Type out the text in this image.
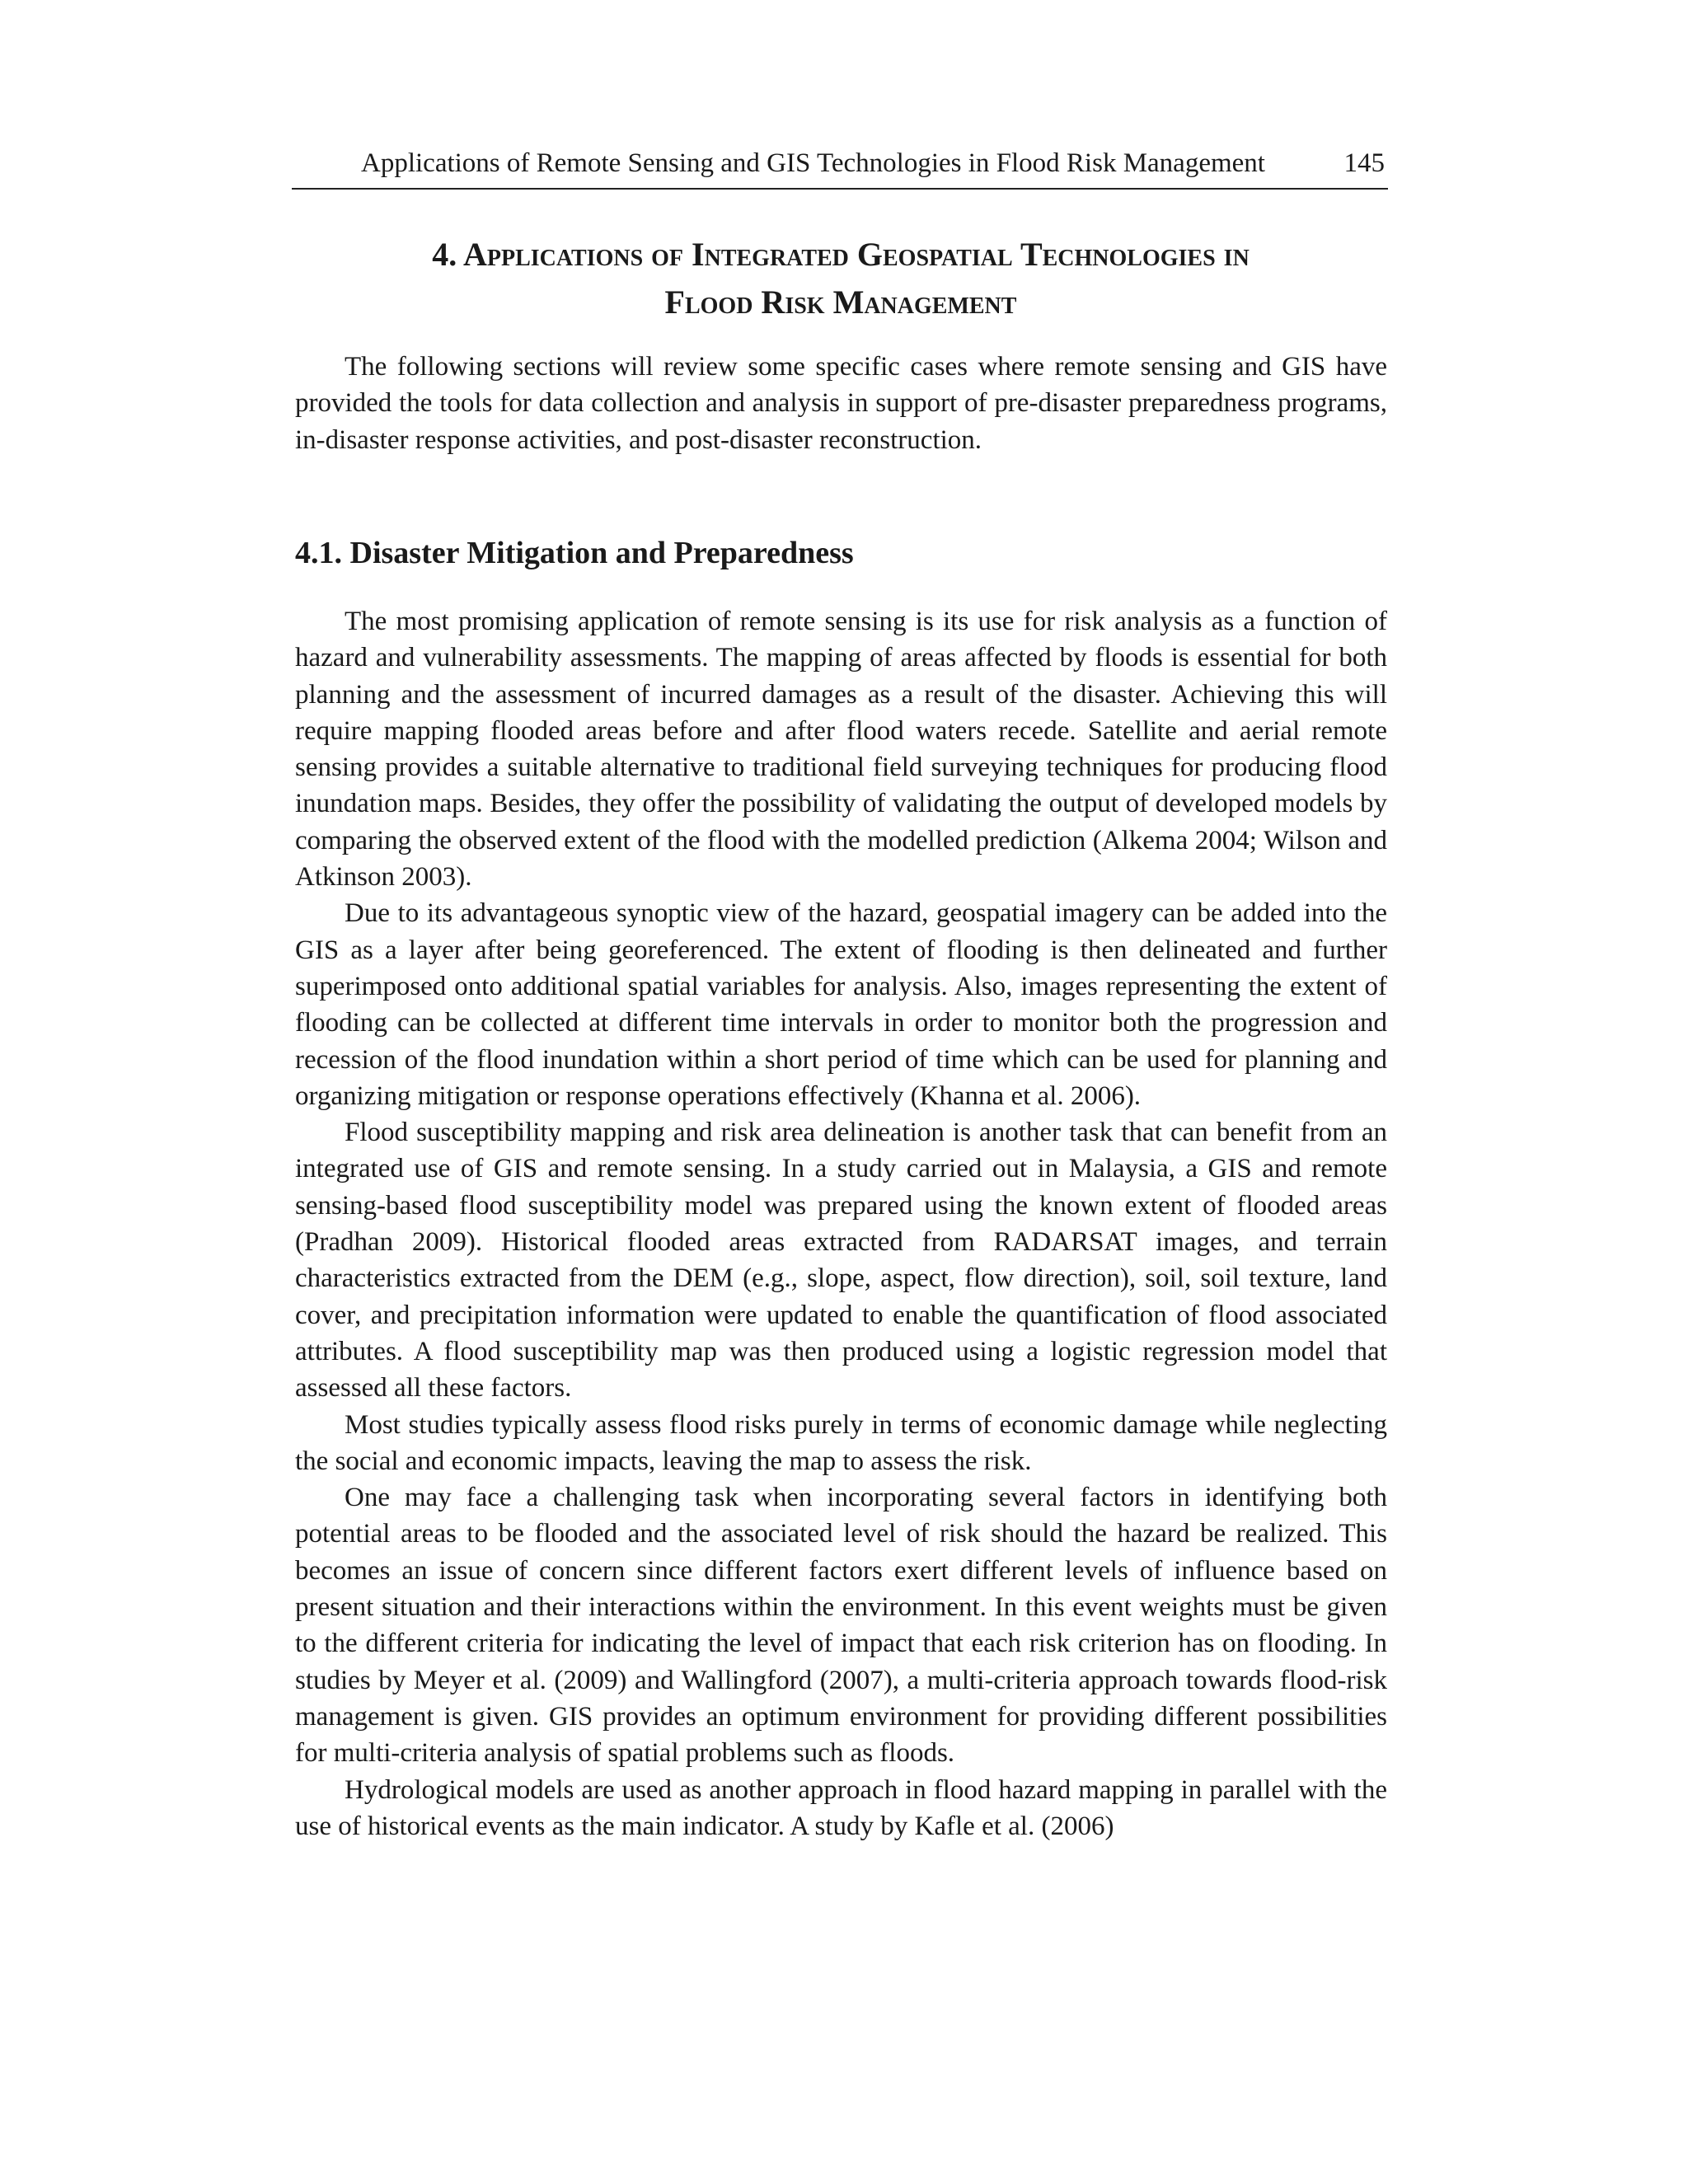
Applications of Remote Sensing and GIS Technologies in Flood Risk Management	145
4. Applications of Integrated Geospatial Technologies in
Flood Risk Management

The following sections will review some specific cases where remote sensing and GIS have provided the tools for data collection and analysis in support of pre-disaster preparedness programs, in-disaster response activities, and post-disaster reconstruction.

4.1. Disaster Mitigation and Preparedness

The most promising application of remote sensing is its use for risk analysis as a function of hazard and vulnerability assessments. The mapping of areas affected by floods is essential for both planning and the assessment of incurred damages as a result of the disaster. Achieving this will require mapping flooded areas before and after flood waters recede. Satellite and aerial remote sensing provides a suitable alternative to traditional field surveying techniques for producing flood inundation maps. Besides, they offer the possibility of validating the output of developed models by comparing the observed extent of the flood with the modelled prediction (Alkema 2004; Wilson and Atkinson 2003).

Due to its advantageous synoptic view of the hazard, geospatial imagery can be added into the GIS as a layer after being georeferenced. The extent of flooding is then delineated and further superimposed onto additional spatial variables for analysis. Also, images representing the extent of flooding can be collected at different time intervals in order to monitor both the progression and recession of the flood inundation within a short period of time which can be used for planning and organizing mitigation or response operations effectively (Khanna et al. 2006).

Flood susceptibility mapping and risk area delineation is another task that can benefit from an integrated use of GIS and remote sensing. In a study carried out in Malaysia, a GIS and remote sensing-based flood susceptibility model was prepared using the known extent of flooded areas (Pradhan 2009). Historical flooded areas extracted from RADARSAT images, and terrain characteristics extracted from the DEM (e.g., slope, aspect, flow direction), soil, soil texture, land cover, and precipitation information were updated to enable the quantification of flood associated attributes. A flood susceptibility map was then produced using a logistic regression model that assessed all these factors.

Most studies typically assess flood risks purely in terms of economic damage while neglecting the social and economic impacts, leaving the map to assess the risk.

One may face a challenging task when incorporating several factors in identifying both potential areas to be flooded and the associated level of risk should the hazard be realized. This becomes an issue of concern since different factors exert different levels of influence based on present situation and their interactions within the environment. In this event weights must be given to the different criteria for indicating the level of impact that each risk criterion has on flooding. In studies by Meyer et al. (2009) and Wallingford (2007), a multi-criteria approach towards flood-risk management is given. GIS provides an optimum environment for providing different possibilities for multi-criteria analysis of spatial problems such as floods.

Hydrological models are used as another approach in flood hazard mapping in parallel with the use of historical events as the main indicator. A study by Kafle et al. (2006)
